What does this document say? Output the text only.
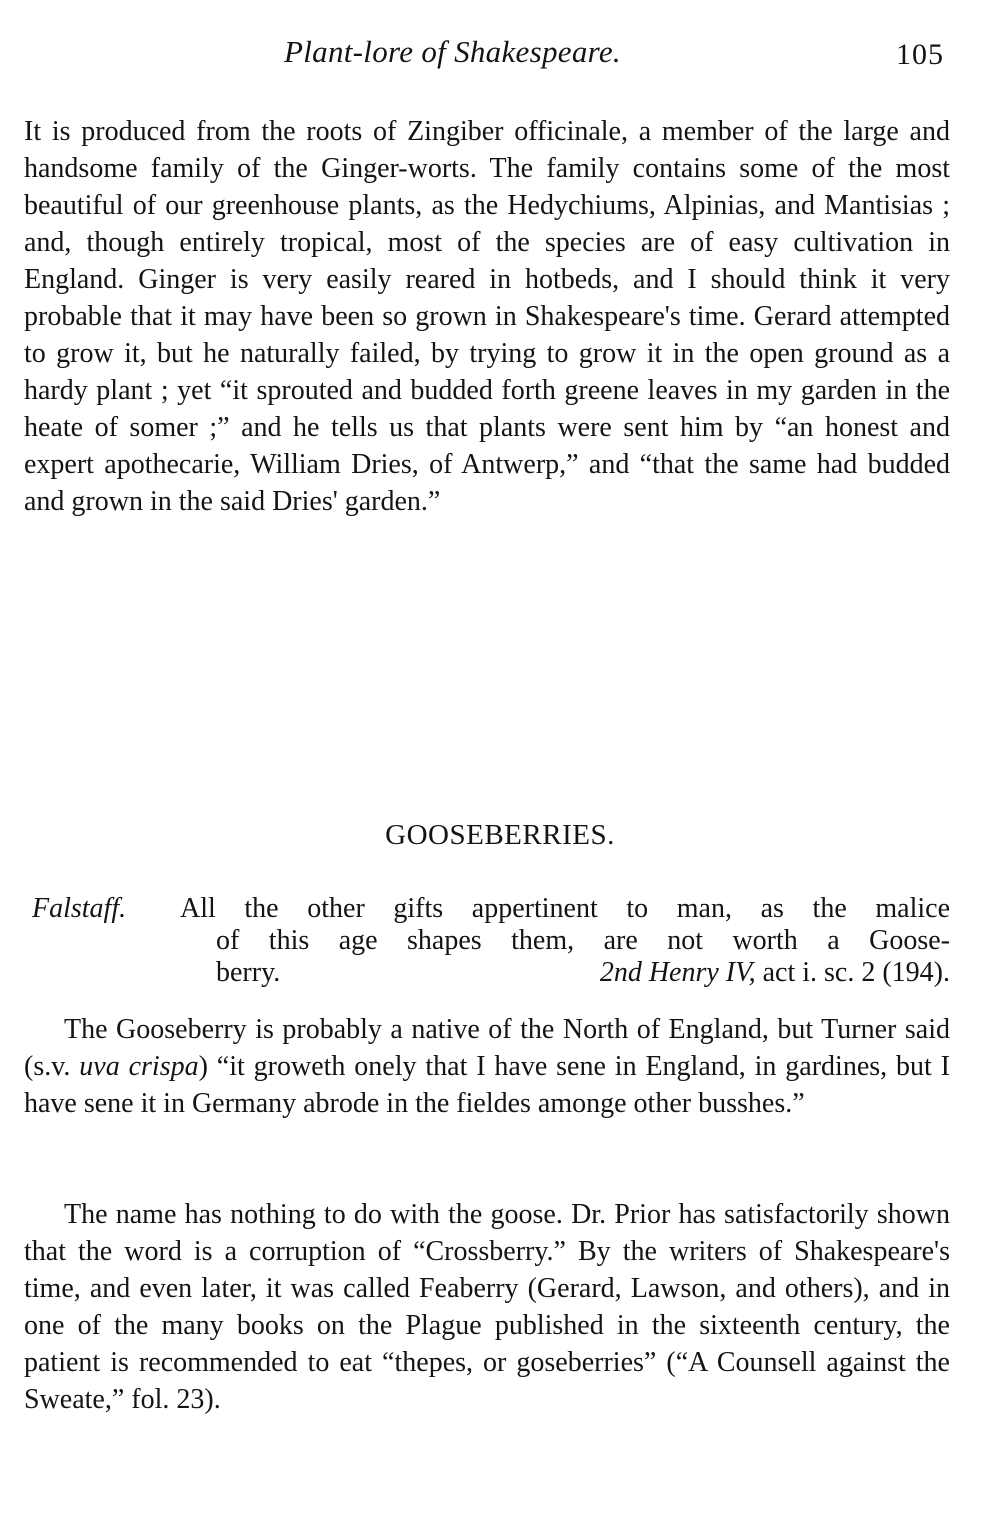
Plant-lore of Shakespeare.	105

It is produced from the roots of Zingiber officinale, a member of the large and handsome family of the Ginger-worts. The family contains some of the most beautiful of our greenhouse plants, as the Hedychiums, Alpinias, and Mantisias ; and, though entirely tropical, most of the species are of easy cultivation in England. Ginger is very easily reared in hotbeds, and I should think it very probable that it may have been so grown in Shakespeare's time. Gerard attempted to grow it, but he naturally failed, by trying to grow it in the open ground as a hardy plant ; yet “it sprouted and budded forth greene leaves in my garden in the heate of somer ;” and he tells us that plants were sent him by “an honest and expert apothecarie, William Dries, of Antwerp,” and “that the same had budded and grown in the said Dries' garden.”

GOOSEBERRIES.
Falstaff. All the other gifts appertinent to man, as the malice
of this age shapes them, are not worth a Goose-
berry.	2nd Henry IV, act i. sc. 2 (194).

The Gooseberry is probably a native of the North of England, but Turner said (s.v. uva crispa) “it groweth onely that I have sene in England, in gardines, but I have sene it in Germany abrode in the fieldes amonge other busshes.”

The name has nothing to do with the goose. Dr. Prior has satisfactorily shown that the word is a corruption of “Crossberry.” By the writers of Shakespeare's time, and even later, it was called Feaberry (Gerard, Lawson, and others), and in one of the many books on the Plague published in the sixteenth century, the patient is recommended to eat “thepes, or goseberries” (“A Counsell against the Sweate,” fol. 23).
